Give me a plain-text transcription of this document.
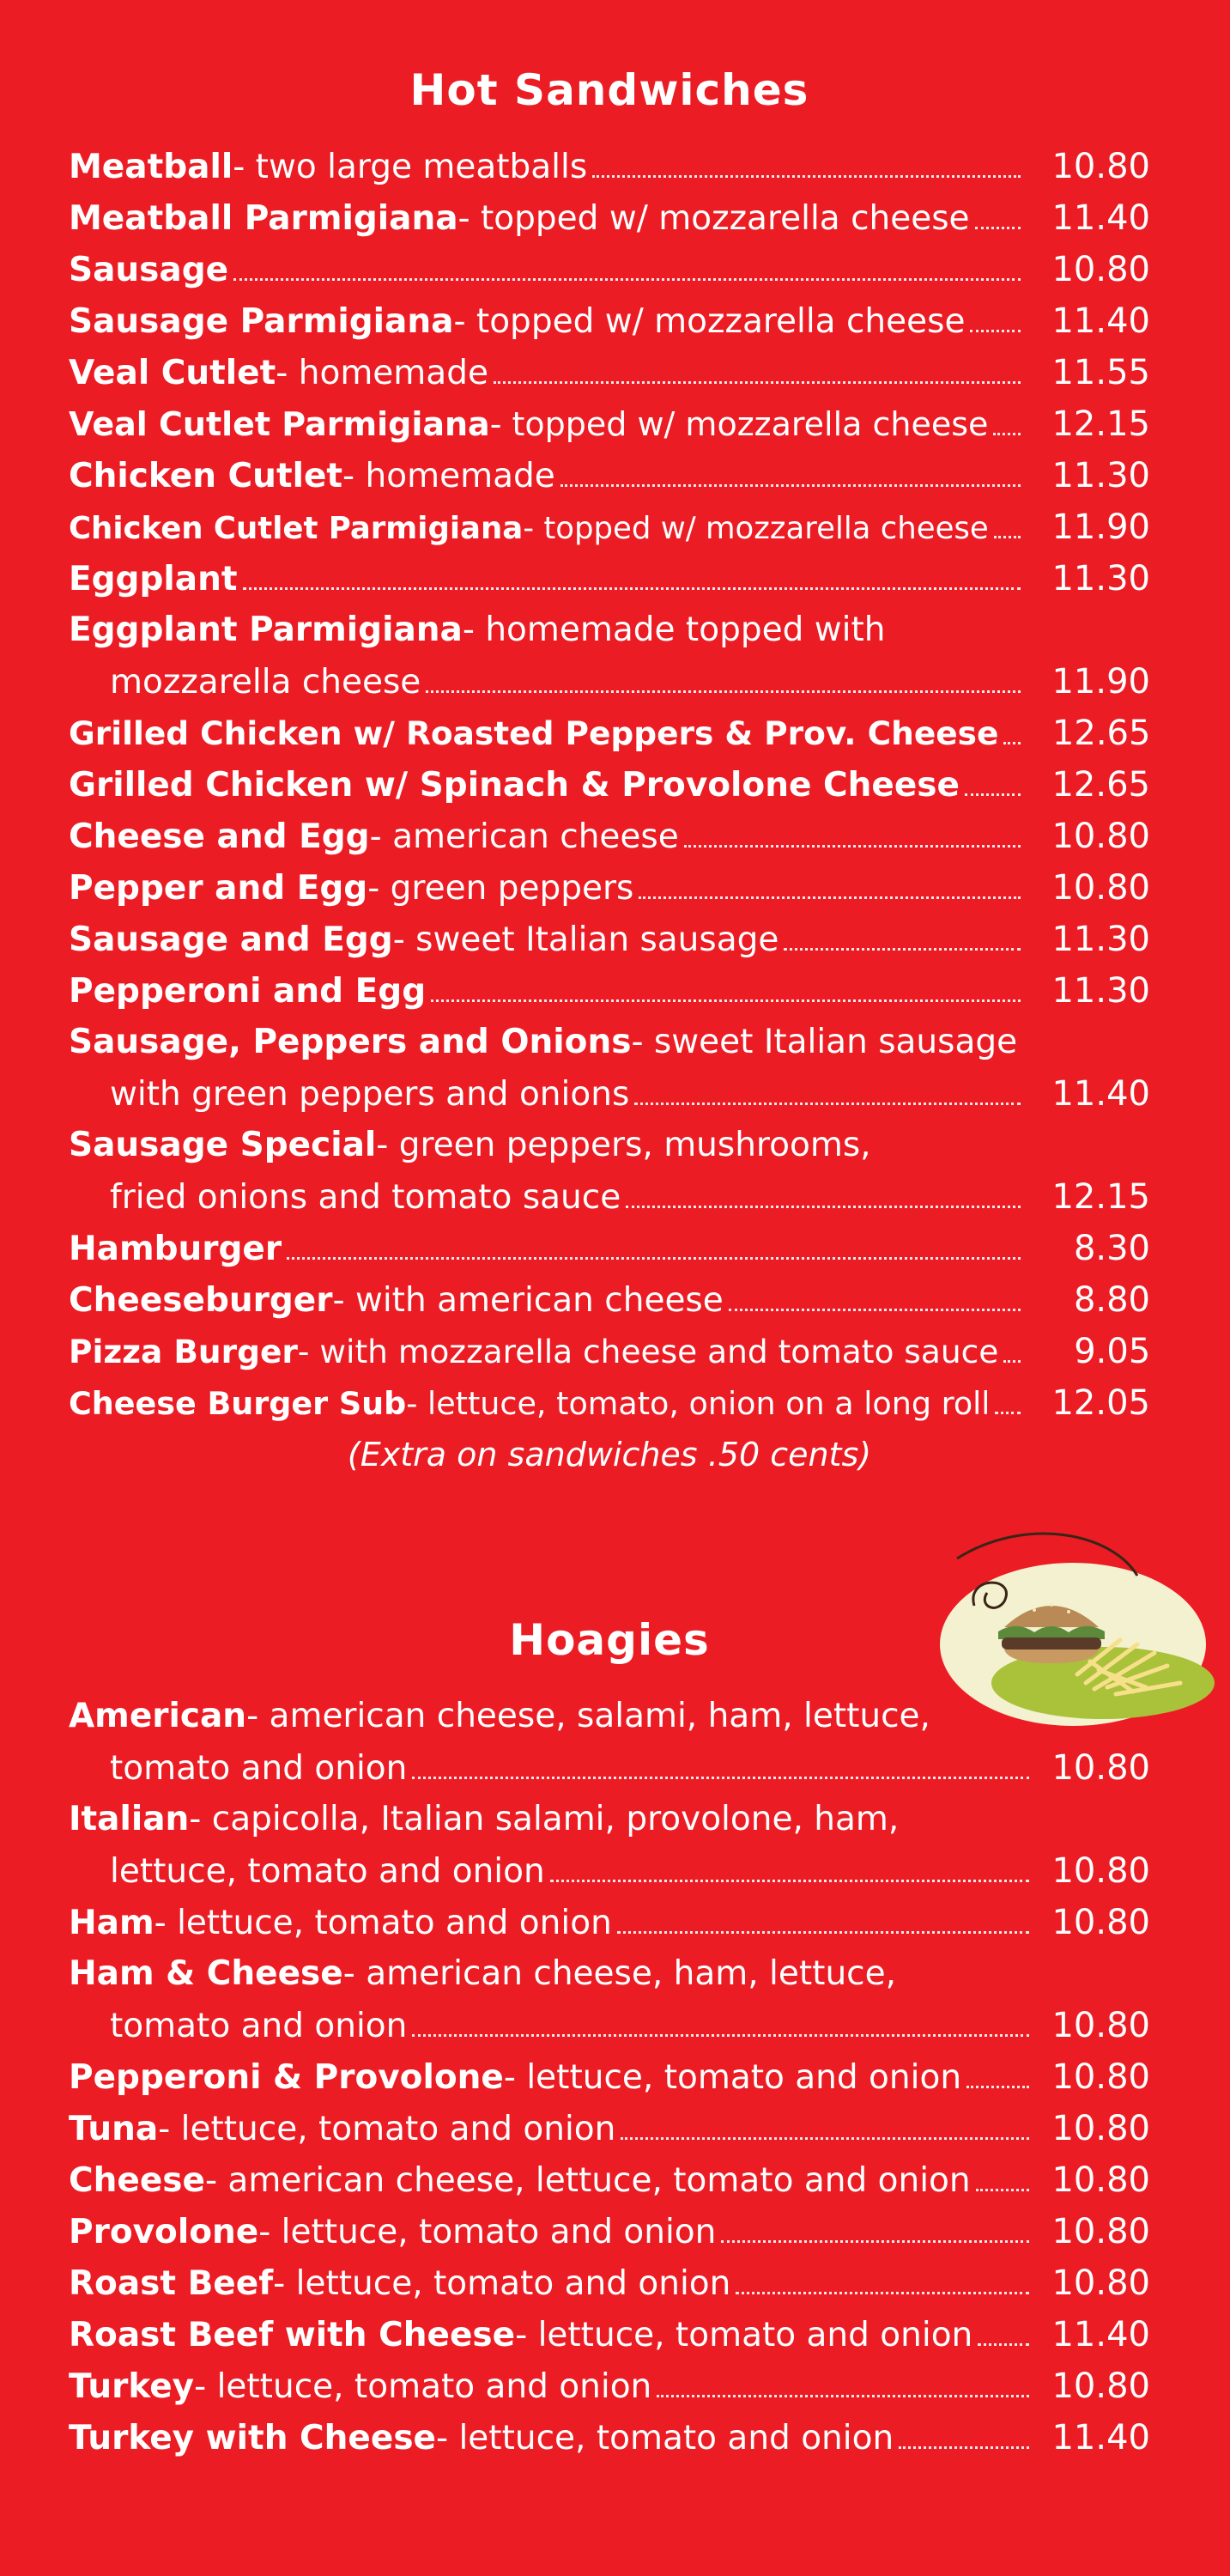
Hot Sandwiches
Meatball - two large meatballs	10.80
Meatball Parmigiana - topped w/ mozzarella cheese	11.40
Sausage	10.80
Sausage Parmigiana - topped w/ mozzarella cheese	11.40
Veal Cutlet - homemade	11.55
Veal Cutlet Parmigiana - topped w/ mozzarella cheese	12.15
Chicken Cutlet - homemade	11.30
Chicken Cutlet Parmigiana - topped w/ mozzarella cheese	11.90
Eggplant	11.30
Eggplant Parmigiana - homemade topped with
mozzarella cheese	11.90
Grilled Chicken w/ Roasted Peppers & Prov. Cheese	12.65
Grilled Chicken w/ Spinach & Provolone Cheese	12.65
Cheese and Egg - american cheese	10.80
Pepper and Egg - green peppers	10.80
Sausage and Egg - sweet Italian sausage	11.30
Pepperoni and Egg	11.30
Sausage, Peppers and Onions - sweet Italian sausage
with green peppers and onions	11.40
Sausage Special - green peppers, mushrooms,
fried onions and tomato sauce	12.15
Hamburger	8.30
Cheeseburger - with american cheese	8.80
Pizza Burger - with mozzarella cheese and tomato sauce	9.05
Cheese Burger Sub - lettuce, tomato, onion on a long roll	12.05
(Extra on sandwiches .50 cents)
Hoagies
American - american cheese, salami, ham, lettuce,
tomato and onion	10.80
Italian - capicolla, Italian salami, provolone, ham,
lettuce, tomato and onion	10.80
Ham - lettuce, tomato and onion	10.80
Ham & Cheese - american cheese, ham, lettuce,
tomato and onion	10.80
Pepperoni & Provolone - lettuce, tomato and onion	10.80
Tuna - lettuce, tomato and onion	10.80
Cheese - american cheese, lettuce, tomato and onion	10.80
Provolone - lettuce, tomato and onion	10.80
Roast Beef - lettuce, tomato and onion	10.80
Roast Beef with Cheese - lettuce, tomato and onion	11.40
Turkey - lettuce, tomato and onion	10.80
Turkey with Cheese - lettuce, tomato and onion	11.40
